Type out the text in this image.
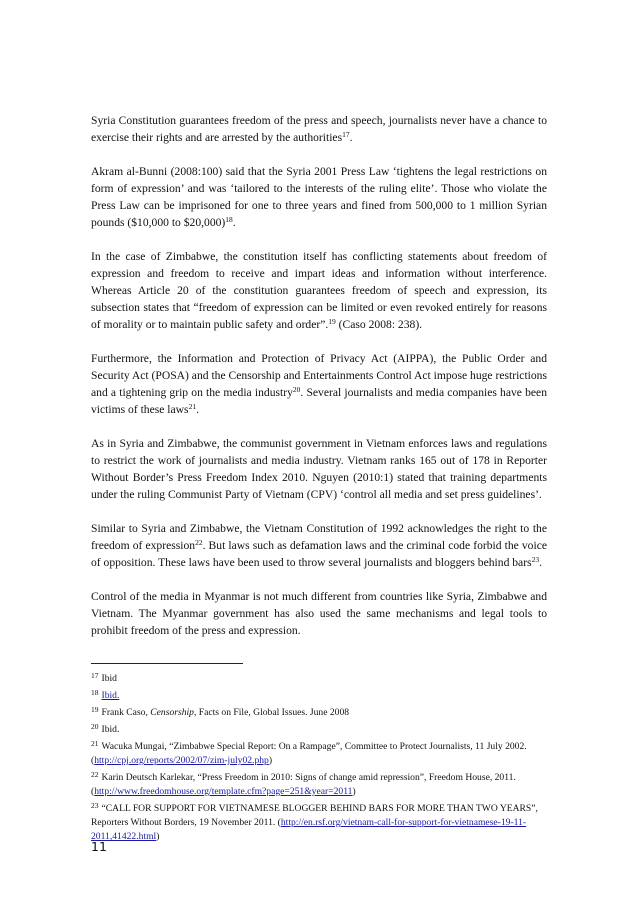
Syria Constitution guarantees freedom of the press and speech, journalists never have a chance to exercise their rights and are arrested by the authorities$^{17}$.

Akram al-Bunni (2008:100) said that the Syria 2001 Press Law ‘tightens the legal restrictions on form of expression’ and was ‘tailored to the interests of the ruling elite’. Those who violate the Press Law can be imprisoned for one to three years and fined from 500,000 to 1 million Syrian pounds ($10,000 to $20,000)$^{18}$.

In the case of Zimbabwe, the constitution itself has conflicting statements about freedom of expression and freedom to receive and impart ideas and information without interference. Whereas Article 20 of the constitution guarantees freedom of speech and expression, its subsection states that “freedom of expression can be limited or even revoked entirely for reasons of morality or to maintain public safety and order”.$^{19}$ (Caso 2008: 238).

Furthermore, the Information and Protection of Privacy Act (AIPPA), the Public Order and Security Act (POSA) and the Censorship and Entertainments Control Act impose huge restrictions and a tightening grip on the media industry$^{20}$. Several journalists and media companies have been victims of these laws$^{21}$.

As in Syria and Zimbabwe, the communist government in Vietnam enforces laws and regulations to restrict the work of journalists and media industry. Vietnam ranks 165 out of 178 in Reporter Without Border’s Press Freedom Index 2010. Nguyen (2010:1) stated that training departments under the ruling Communist Party of Vietnam (CPV) ‘control all media and set press guidelines’.

Similar to Syria and Zimbabwe, the Vietnam Constitution of 1992 acknowledges the right to the freedom of expression$^{22}$. But laws such as defamation laws and the criminal code forbid the voice of opposition. These laws have been used to throw several journalists and bloggers behind bars$^{23}$.

Control of the media in Myanmar is not much different from countries like Syria, Zimbabwe and Vietnam. The Myanmar government has also used the same mechanisms and legal tools to prohibit freedom of the press and expression.

$^{17}$ Ibid

$^{18}$ Ibid.

$^{19}$ Frank Caso, Censorship, Facts on File, Global Issues. June 2008

$^{20}$ Ibid.

$^{21}$ Wacuka Mungai, “Zimbabwe Special Report: On a Rampage”, Committee to Protect Journalists, 11 July 2002. (http://cpj.org/reports/2002/07/zim-july02.php)

$^{22}$ Karin Deutsch Karlekar, “Press Freedom in 2010: Signs of change amid repression”, Freedom House, 2011. (http://www.freedomhouse.org/template.cfm?page=251&year=2011)

$^{23}$ “CALL FOR SUPPORT FOR VIETNAMESE BLOGGER BEHIND BARS FOR MORE THAN TWO YEARS”, Reporters Without Borders, 19 November 2011. (http://en.rsf.org/vietnam-call-for-support-for-vietnamese-19-11-2011,41422.html)

11
